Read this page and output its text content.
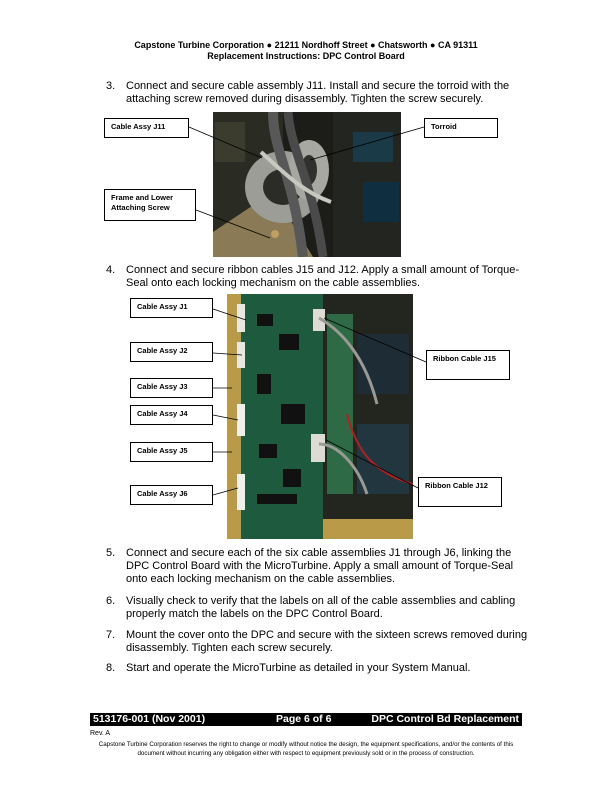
Capstone Turbine Corporation ● 21211 Nordhoff Street ● Chatsworth ● CA 91311
Replacement Instructions: DPC Control Board
3. Connect and secure cable assembly J11. Install and secure the torroid with the attaching screw removed during disassembly. Tighten the screw securely.
4. Connect and secure ribbon cables J15 and J12. Apply a small amount of Torque-Seal onto each locking mechanism on the cable assemblies.
Cable Assy J11	Torroid
Frame and Lower Attaching Screw
Cable Assy J1
Cable Assy J2
Cable Assy J3
Cable Assy J4
Cable Assy J5
Cable Assy J6
Ribbon Cable J15
Ribbon Cable J12
5. Connect and secure each of the six cable assemblies J1 through J6, linking the DPC Control Board with the MicroTurbine. Apply a small amount of Torque-Seal onto each locking mechanism on the cable assemblies.
6. Visually check to verify that the labels on all of the cable assemblies and cabling properly match the labels on the DPC Control Board.
7. Mount the cover onto the DPC and secure with the sixteen screws removed during disassembly. Tighten each screw securely.
8. Start and operate the MicroTurbine as detailed in your System Manual.
513176-001 (Nov 2001)	Page 6 of 6	DPC Control Bd Replacement
Rev. A
Capstone Turbine Corporation reserves the right to change or modify without notice the design, the equipment specifications, and/or the contents of this document without incurring any obligation either with respect to equipment previously sold or in the process of construction.
